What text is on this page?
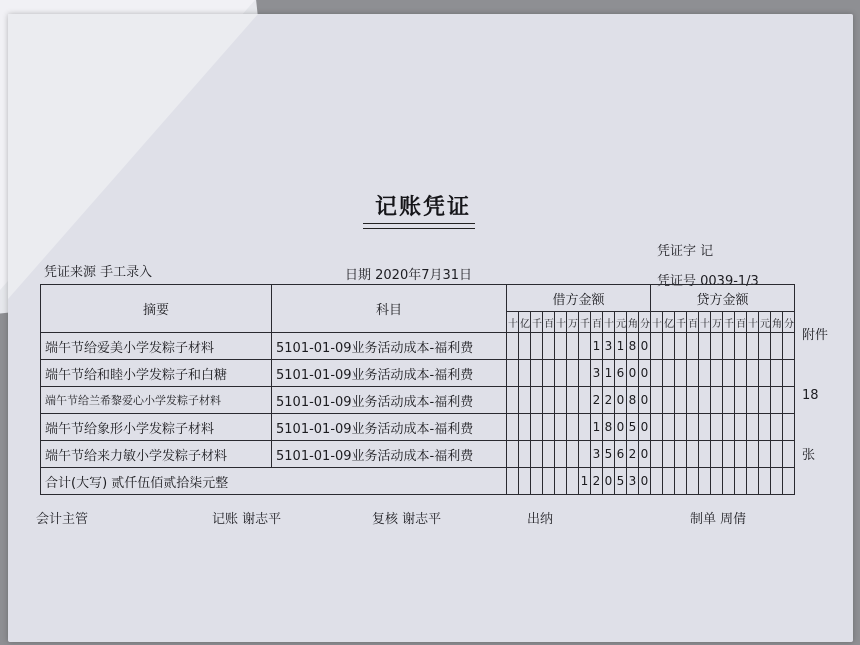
记账凭证
凭证字 记
凭证来源 手工录入	日期 2020年7月31日	凭证号 0039-1/3
摘要	科目	借方金额												贷方金额											
		十	亿	千	百	十	万	千	百	十	元	角	分	十	亿	千	百	十	万	千	百	十	元	角	分
端午节给爱美小学发粽子材料	5101-01-09业务活动成本-福利费								1	3	1	8	0												
端午节给和睦小学发粽子和白糖	5101-01-09业务活动成本-福利费								3	1	6	0	0												
端午节给兰希黎爱心小学发粽子材料	5101-01-09业务活动成本-福利费								2	2	0	8	0												
端午节给象形小学发粽子材料	5101-01-09业务活动成本-福利费								1	8	0	5	0												
端午节给来力敏小学发粽子材料	5101-01-09业务活动成本-福利费								3	5	6	2	0												
合计(大写) 贰仟伍佰贰拾柒元整								1	2	0	5	3	0												
附件
18
张
会计主管	记账 谢志平	复核 谢志平	出纳	制单 周倩
